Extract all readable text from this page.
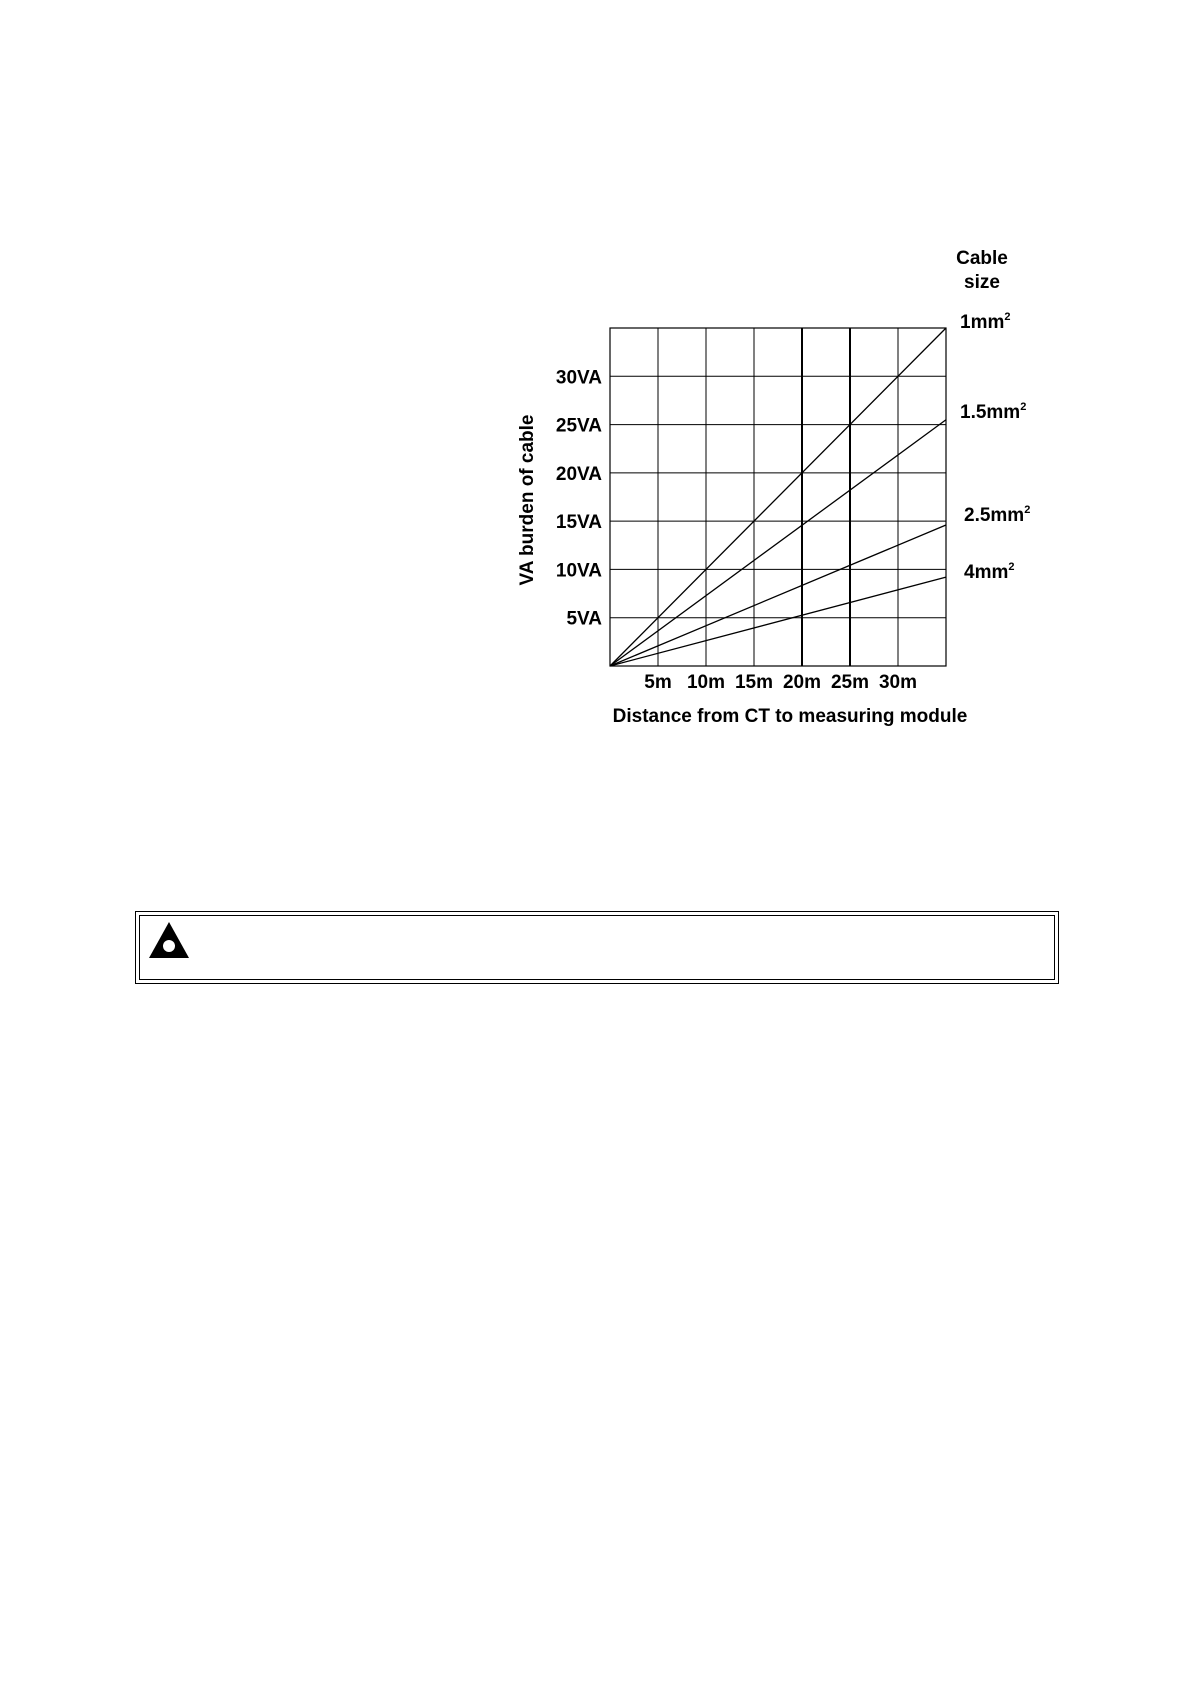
Cable
size
Distance from CT to measuring module
VA burden of cable
5VA
10VA
15VA
20VA
25VA
30VA
5m 10m 15m 20m 25m 30m
$1mm^2$
$1.5mm^2$
$2.5mm^2$
$4mm^2$
